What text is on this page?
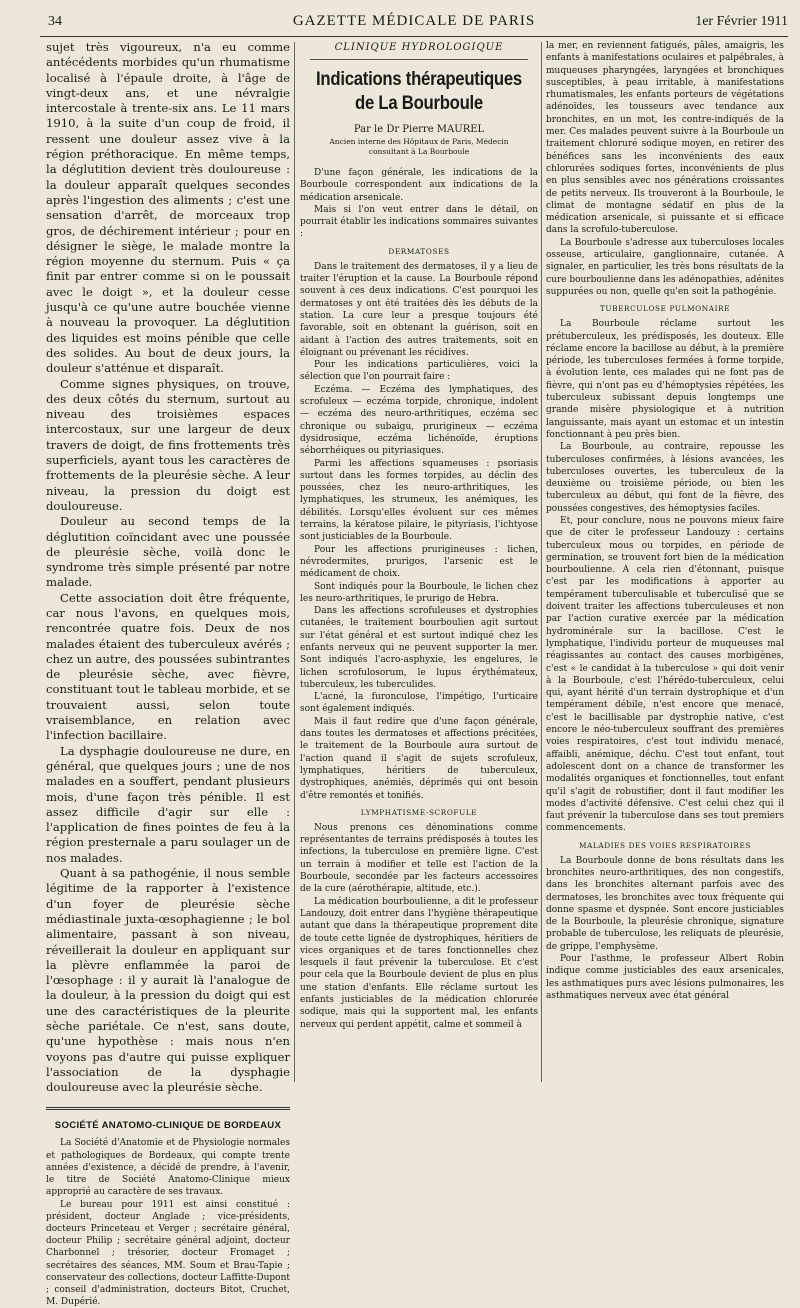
34	GAZETTE MÉDICALE DE PARIS	1er Février 1911

sujet très vigoureux, n'a eu comme antécédents morbides qu'un rhumatisme localisé à l'épaule droite, à l'âge de vingt-deux ans, et une névralgie intercostale à trente-six ans. Le 11 mars 1910, à la suite d'un coup de froid, il ressent une douleur assez vive à la région préthoracique. En même temps, la déglutition devient très douloureuse : la douleur apparaît quelques secondes après l'ingestion des aliments ; c'est une sensation d'arrêt, de morceaux trop gros, de déchirement intérieur ; pour en désigner le siège, le malade montre la région moyenne du sternum. Puis « ça finit par entrer comme si on le poussait avec le doigt », et la douleur cesse jusqu'à ce qu'une autre bouchée vienne à nouveau la provoquer. La déglutition des liquides est moins pénible que celle des solides. Au bout de deux jours, la douleur s'atténue et disparaît.

Comme signes physiques, on trouve, des deux côtés du sternum, surtout au niveau des troisièmes espaces intercostaux, sur une largeur de deux travers de doigt, de fins frottements très superficiels, ayant tous les caractères de frottements de la pleurésie sèche. A leur niveau, la pression du doigt est douloureuse.

Douleur au second temps de la déglutition coïncidant avec une poussée de pleurésie sèche, voilà donc le syndrome très simple présenté par notre malade.

Cette association doit être fréquente, car nous l'avons, en quelques mois, rencontrée quatre fois. Deux de nos malades étaient des tuberculeux avérés ; chez un autre, des poussées subintrantes de pleurésie sèche, avec fièvre, constituant tout le tableau morbide, et se trouvaient aussi, selon toute vraisemblance, en relation avec l'infection bacillaire.

La dysphagie douloureuse ne dure, en général, que quelques jours ; une de nos malades en a souffert, pendant plusieurs mois, d'une façon très pénible. Il est assez difficile d'agir sur elle : l'application de fines pointes de feu à la région presternale a paru soulager un de nos malades.

Quant à sa pathogénie, il nous semble légitime de la rapporter à l'existence d'un foyer de pleurésie sèche médiastinale juxta-œsophagienne ; le bol alimentaire, passant à son niveau, réveillerait la douleur en appliquant sur la plèvre enflammée la paroi de l'œsophage : il y aurait là l'analogue de la douleur, à la pression du doigt qui est une des caractéristiques de la pleurite sèche pariétale. Ce n'est, sans doute, qu'une hypothèse : mais nous n'en voyons pas d'autre qui puisse expliquer l'association de la dysphagie douloureuse avec la pleurésie sèche.

SOCIÉTÉ ANATOMO-CLINIQUE DE BORDEAUX

La Société d'Anatomie et de Physiologie normales et pathologiques de Bordeaux, qui compte trente années d'existence, a décidé de prendre, à l'avenir, le titre de Société Anatomo-Clinique mieux approprié au caractère de ses travaux.

Le bureau pour 1911 est ainsi constitué : président, docteur Anglade ; vice-présidents, docteurs Princeteau et Verger ; secrétaire général, docteur Philip ; secrétaire général adjoint, docteur Charbonnel ; trésorier, docteur Fromaget ; secrétaires des séances, MM. Soum et Brau-Tapie ; conservateur des collections, docteur Laffitte-Dupont ; conseil d'administration, docteurs Bitot, Cruchet, M. Dupérié.

CLINIQUE HYDROLOGIQUE
Indications thérapeutiques de La Bourboule

Par le Dr Pierre MAUREL

Ancien interne des Hôpitaux de Paris, Médecin consultant à La Bourboule

D'une façon générale, les indications de la Bourboule correspondent aux indications de la médication arsenicale.

Mais si l'on veut entrer dans le détail, on pourrait établir les indications sommaires suivantes :

DERMATOSES

Dans le traitement des dermatoses, il y a lieu de traiter l'éruption et la cause. La Bourboule répond souvent à ces deux indications. C'est pourquoi les dermatoses y ont été traitées dès les débuts de la station. La cure leur a presque toujours été favorable, soit en obtenant la guérison, soit en aidant à l'action des autres traitements, soit en éloignant ou prévenant les récidives.

Pour les indications particulières, voici la sélection que l'on pourrait faire :

Eczéma. — Eczéma des lymphatiques, des scrofuleux — eczéma torpide, chronique, indolent — eczéma des neuro-arthritiques, eczéma sec chronique ou subaigu, prurigineux — eczéma dysidrosique, eczéma lichénoïde, éruptions séborrhéiques ou pityriasiques.

Parmi les affections squameuses : psoriasis surtout dans les formes torpides, au déclin des poussées, chez les neuro-arthritiques, les lymphatiques, les strumeux, les anémiques, les débilités. Lorsqu'elles évoluent sur ces mêmes terrains, la kératose pilaire, le pityriasis, l'ichtyose sont justiciables de la Bourboule.

Pour les affections prurigineuses : lichen, névrodermites, prurigos, l'arsenic est le médicament de choix.

Sont indiqués pour la Bourboule, le lichen chez les neuro-arthritiques, le prurigo de Hebra.

Dans les affections scrofuleuses et dystrophies cutanées, le traitement bourboulien agit surtout sur l'état général et est surtout indiqué chez les enfants nerveux qui ne peuvent supporter la mer. Sont indiqués l'acro-asphyxie, les engelures, le lichen scrofulosorum, le lupus érythémateux, tuberculeux, les tuberculides.

L'acné, la furonculose, l'impétigo, l'urticaire sont également indiqués.

Mais il faut redire que d'une façon générale, dans toutes les dermatoses et affections précitées, le traitement de la Bourboule aura surtout de l'action quand il s'agit de sujets scrofuleux, lymphatiques, héritiers de tuberculeux, dystrophiques, anémiés, déprimés qui ont besoin d'être remontés et tonifiés.

LYMPHATISME-SCROFULE

Nous prenons ces dénominations comme représentantes de terrains prédisposés à toutes les infections, la tuberculose en première ligne. C'est un terrain à modifier et telle est l'action de la Bourboule, secondée par les facteurs accessoires de la cure (aérothérapie, altitude, etc.).

La médication bourboulienne, a dit le professeur Landouzy, doit entrer dans l'hygiène thérapeutique autant que dans la thérapeutique proprement dite de toute cette lignée de dystrophiques, héritiers de vices organiques et de tares fonctionnelles chez lesquels il faut prévenir la tuberculose. Et c'est pour cela que la Bourboule devient de plus en plus une station d'enfants. Elle réclame surtout les enfants justiciables de la médication chlorurée sodique, mais qui la supportent mal, les enfants nerveux qui perdent appétit, calme et sommeil à

la mer, en reviennent fatigués, pâles, amaigris, les enfants à manifestations oculaires et palpébrales, à muqueuses pharyngées, laryngées et bronchiques susceptibles, à peau irritable, à manifestations rhumatismales, les enfants porteurs de végétations adénoïdes, les tousseurs avec tendance aux bronchites, en un mot, les contre-indiqués de la mer. Ces malades peuvent suivre à la Bourboule un traitement chloruré sodique moyen, en retirer des bénéfices sans les inconvénients des eaux chlorurées sodiques fortes, inconvénients de plus en plus sensibles avec nos générations croissantes de petits nerveux. Ils trouveront à la Bourboule, le climat de montagne sédatif en plus de la médication arsenicale, si puissante et si efficace dans la scrofulo-tuberculose.

La Bourboule s'adresse aux tuberculoses locales osseuse, articulaire, ganglionnaire, cutanée. A signaler, en particulier, les très bons résultats de la cure bourboulienne dans les adénopathies, adénites suppurées ou non, quelle qu'en soit la pathogénie.

TUBERCULOSE PULMONAIRE

La Bourboule réclame surtout les prétuberculeux, les prédisposés, les douteux. Elle réclame encore la bacillose au début, à la première période, les tuberculoses fermées à forme torpide, à évolution lente, ces malades qui ne font pas de fièvre, qui n'ont pas eu d'hémoptysies répétées, les tuberculeux subissant depuis longtemps une grande misère physiologique et à nutrition languissante, mais ayant un estomac et un intestin fonctionnant à peu près bien.

La Bourboule, au contraire, repousse les tuberculoses confirmées, à lésions avancées, les tuberculoses ouvertes, les tuberculeux de la deuxième ou troisième période, ou bien les tuberculeux au début, qui font de la fièvre, des poussées congestives, des hémoptysies faciles.

Et, pour conclure, nous ne pouvons mieux faire que de citer le professeur Landouzy : certains tuberculeux mous ou torpides, en période de germination, se trouvent fort bien de la médication bourboulienne. A cela rien d'étonnant, puisque c'est par les modifications à apporter au tempérament tuberculisable et tuberculisé que se doivent traiter les affections tuberculeuses et non par l'action curative exercée par la médication hydrominérale sur la bacillose. C'est le lymphatique, l'individu porteur de muqueuses mal réagissantes au contact des causes morbigènes, c'est « le candidat à la tuberculose » qui doit venir à la Bourboule, c'est l'hérédo-tuberculeux, celui qui, ayant hérité d'un terrain dystrophique et d'un tempérament débile, n'est encore que menacé, c'est le bacillisable par dystrophie native, c'est encore le néo-tuberculeux souffrant des premières voies respiratoires, c'est tout individu menacé, affaibli, anémique, déchu. C'est tout enfant, tout adolescent dont on a chance de transformer les modalités organiques et fonctionnelles, tout enfant qu'il s'agit de robustifier, dont il faut modifier les modes d'activité défensive. C'est celui chez qui il faut prévenir la tuberculose dans ses tout premiers commencements.

MALADIES DES VOIES RESPIRATOIRES

La Bourboule donne de bons résultats dans les bronchites neuro-arthritiques, des non congestifs, dans les bronchites alternant parfois avec des dermatoses, les bronchites avec toux fréquente qui donne spasme et dyspnée. Sont encore justiciables de la Bourboule, la pleurésie chronique, signature probable de tuberculose, les reliquats de pleurésie, de grippe, l'emphysème.

Pour l'asthme, le professeur Albert Robin indique comme justiciables des eaux arsenicales, les asthmatiques purs avec lésions pulmonaires, les asthmatiques nerveux avec état général
